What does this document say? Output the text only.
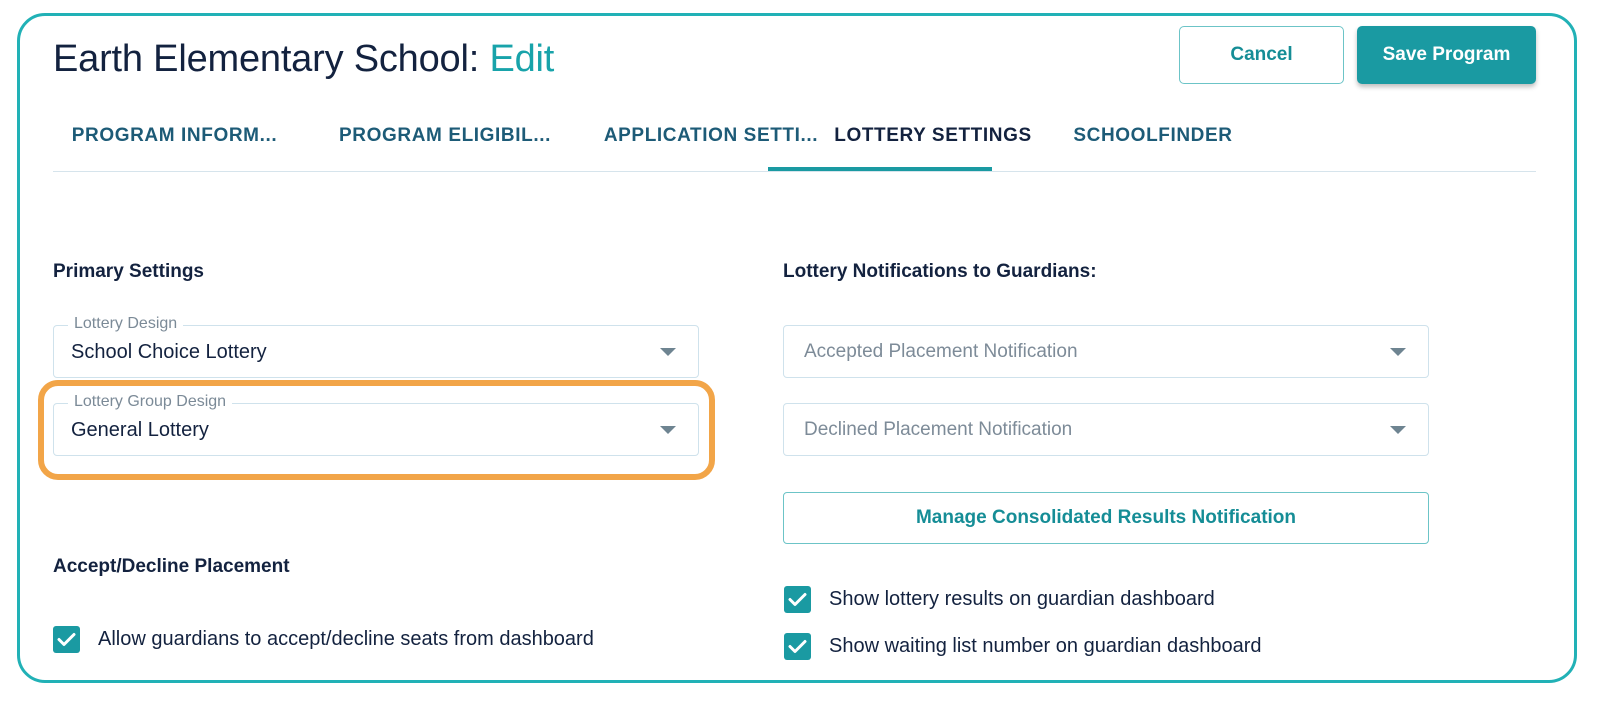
Earth Elementary School: Edit	Cancel	Save Program
PROGRAM INFORM...	PROGRAM ELIGIBIL...	APPLICATION SETTI... LOTTERY SETTINGS	SCHOOLFINDER
Primary Settings
Lottery Design
School Choice Lottery
Lottery Group Design
General Lottery
Accept/Decline Placement
Allow guardians to accept/decline seats from dashboard
Lottery Notifications to Guardians:
Accepted Placement Notification
Declined Placement Notification
Manage Consolidated Results Notification
Show lottery results on guardian dashboard
Show waiting list number on guardian dashboard
